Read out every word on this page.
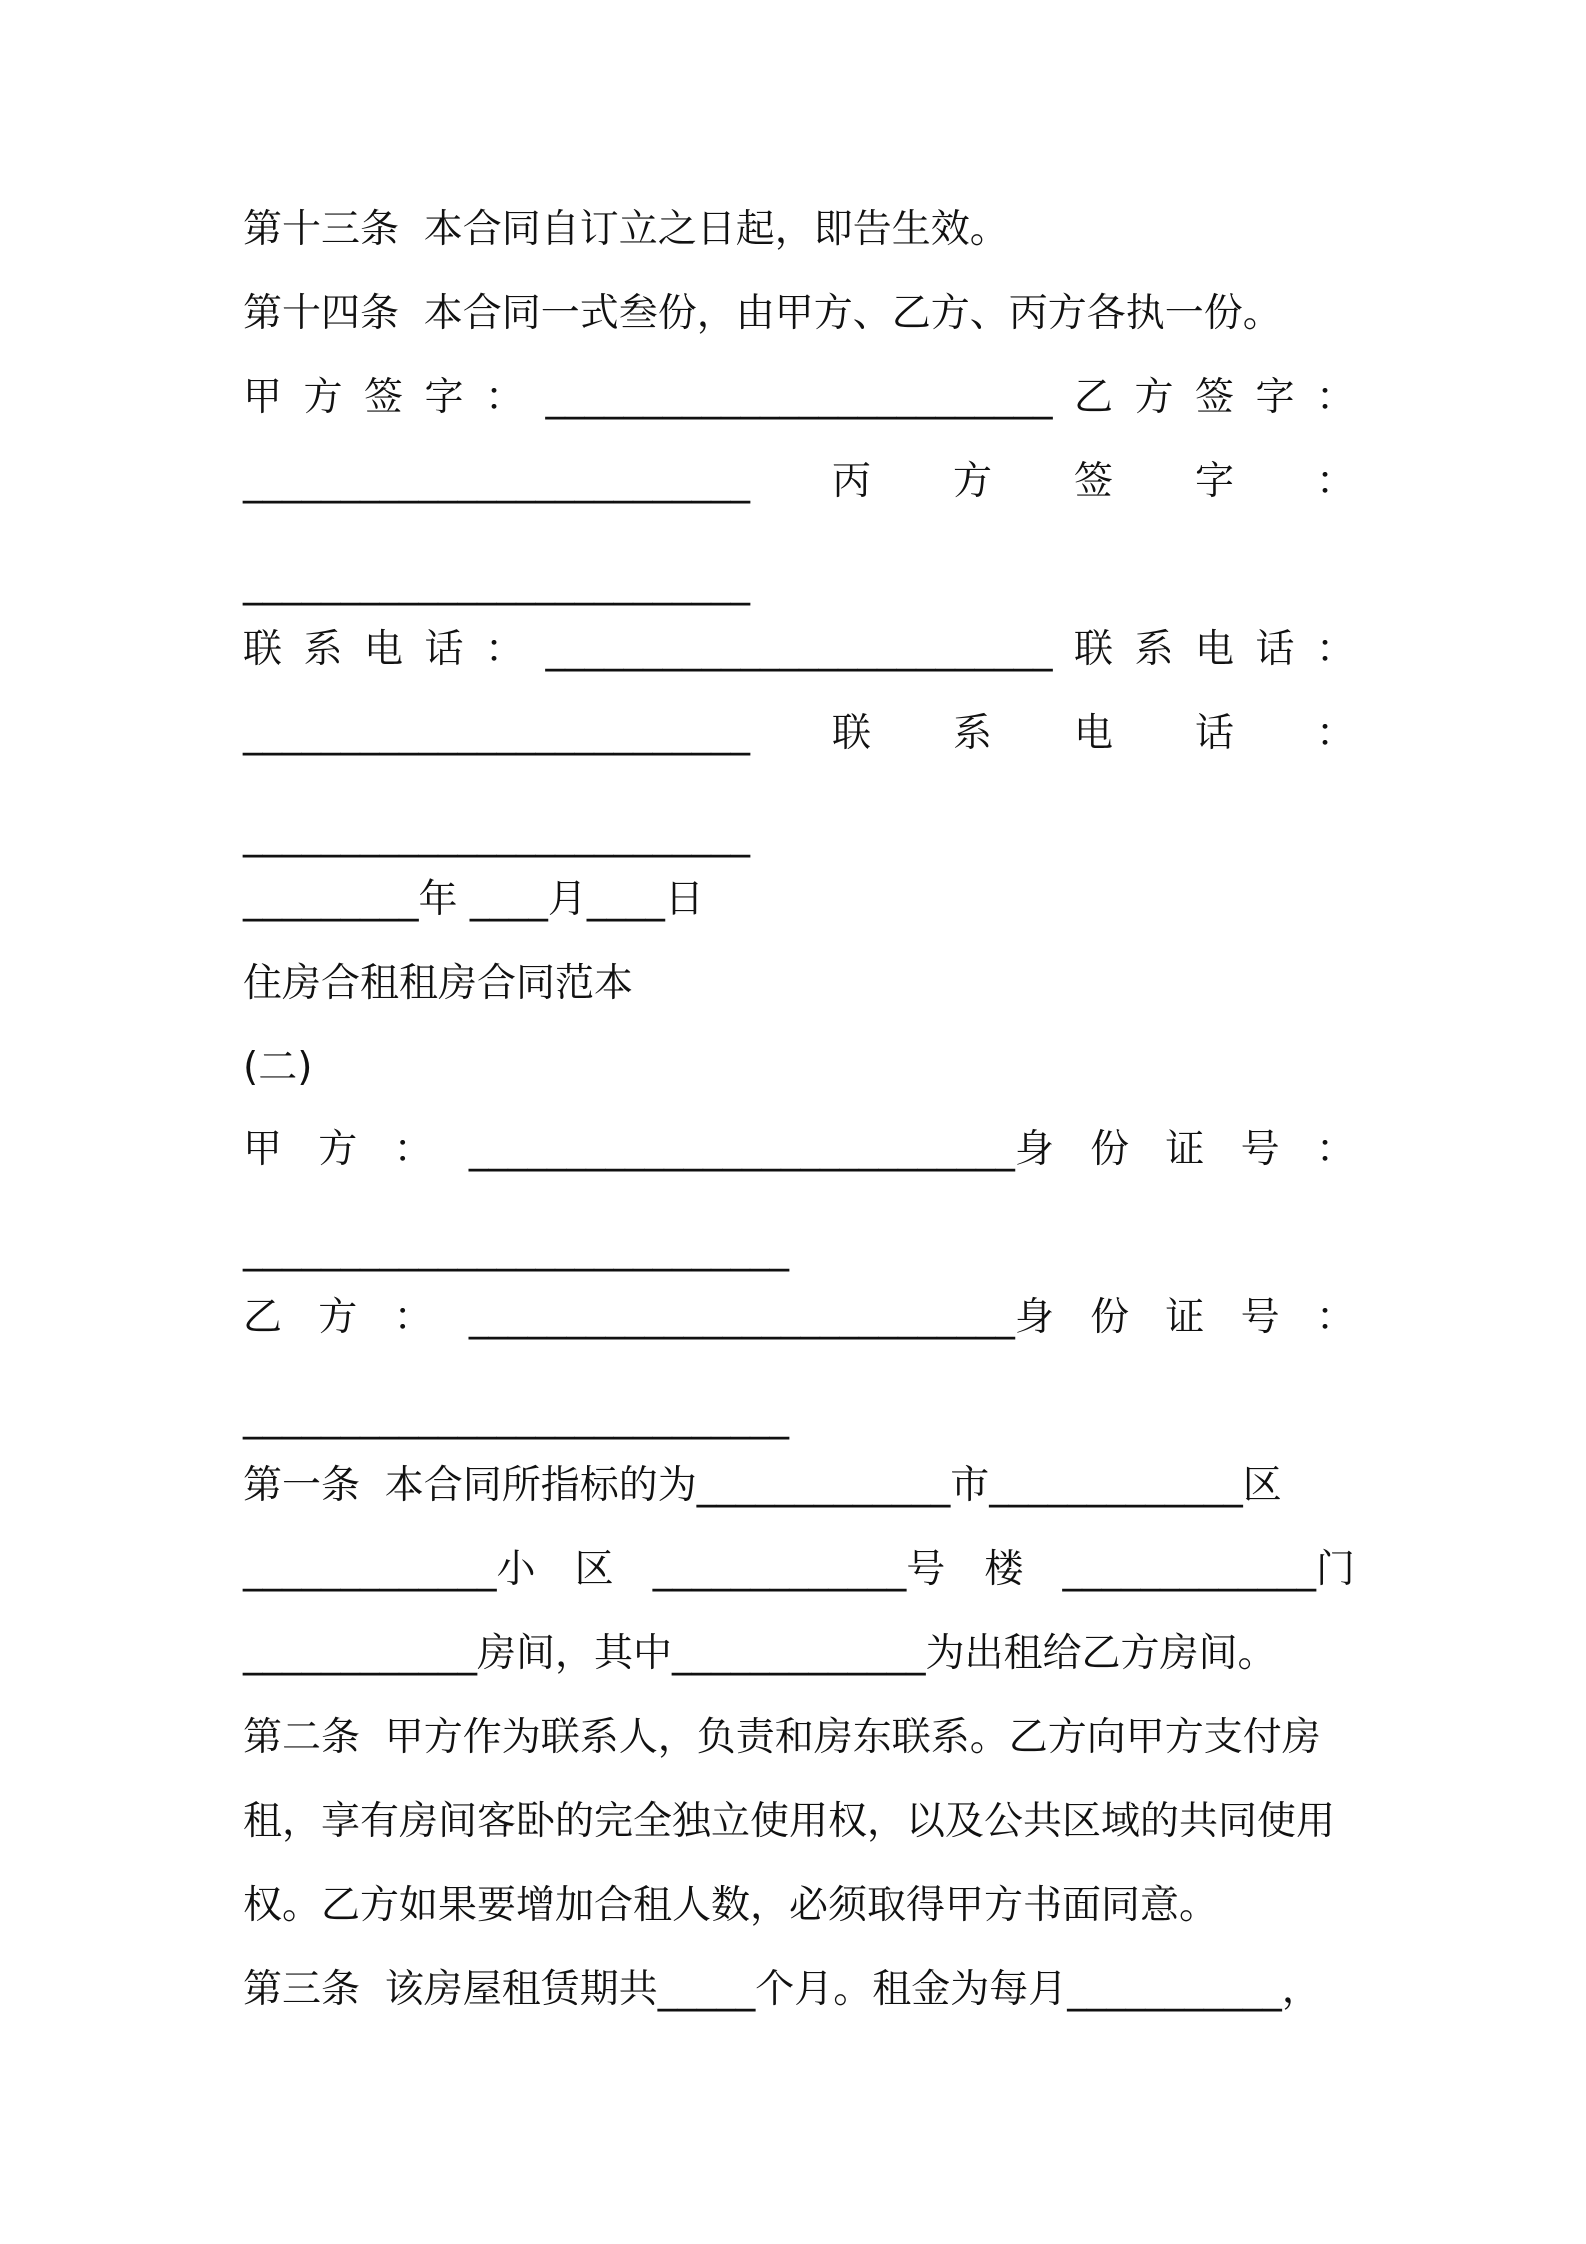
第十三条  本合同自订立之日起，即告生效。
第十四条  本合同一式叁份，由甲方、乙方、丙方各执一份。
甲 方 签 字 ： __________________________ 乙 方 签 字 ：
__________________________ 丙 方 签 字 ：
__________________________
联 系 电 话 ： __________________________ 联 系 电 话 ：
__________________________ 联 系 电 话 ：
__________________________
_________年 ____月____日
住房合租租房合同范本
(二)
甲 方 ： ____________________________身 份 证 号 ：
____________________________
乙 方 ： ____________________________身 份 证 号 ：
____________________________
第一条  本合同所指标的为_____________市_____________区
_____________小 区 _____________号 楼 _____________门
____________房间，其中_____________为出租给乙方房间。
第二条  甲方作为联系人，负责和房东联系。乙方向甲方支付房
租，享有房间客卧的完全独立使用权，以及公共区域的共同使用
权。乙方如果要增加合租人数，必须取得甲方书面同意。
第三条  该房屋租赁期共_____个月。租金为每月___________，
